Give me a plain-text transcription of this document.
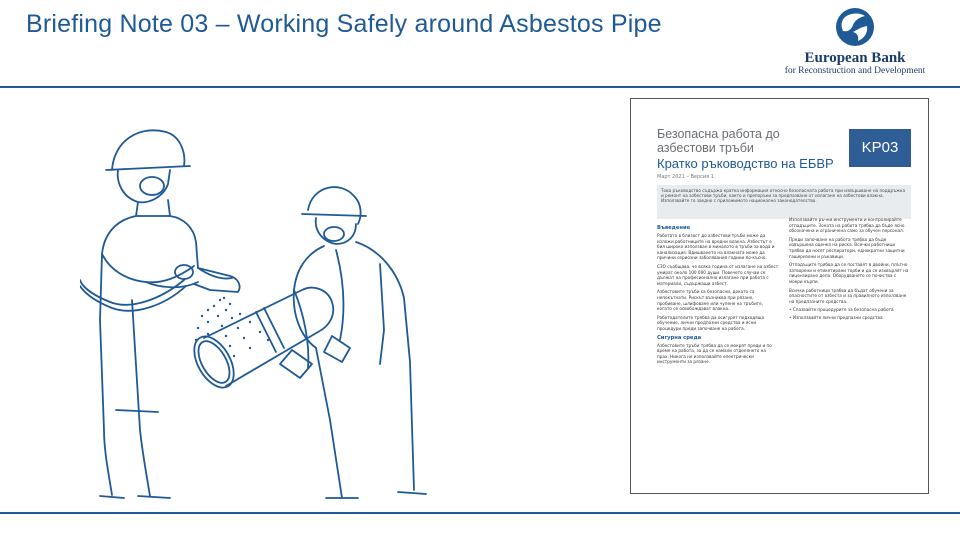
Briefing Note 03 – Working Safely around Asbestos Pipe
European Bank
for Reconstruction and Development
Безопасна работа до азбестови тръби
Кратко ръководство на ЕБВР
Март 2021 – Версия 1
KP03
Това ръководство съдържа кратка информация относно безопасната работа при извършване на поддръжка и ремонт на азбестови тръби, както и препоръки за предпазване от излагане на азбестови влакна. Използвайте го заедно с приложимото национално законодателство.
Въведение

Работата в близост до азбестови тръби може да изложи работниците на вредни влакна. Азбестът е бил широко използван в миналото в тръби за вода и канализация. Вдишването на влакната може да причини сериозни заболявания години по-късно.

СЗО съобщава, че всяка година от излагане на азбест умират около 100 000 души. Повечето случаи се дължат на професионално излагане при работа с материали, съдържащи азбест.

Азбестовите тръби са безопасни, докато са непокътнати. Рискът възниква при рязане, пробиване, шлифоване или чупене на тръбите, когато се освобождават влакна.

Работодателите трябва да осигурят подходящо обучение, лични предпазни средства и ясни процедури преди започване на работа.

Сигурна среда

Азбестовите тръби трябва да се мокрят преди и по време на работа, за да се намали отделянето на прах. Никога не използвайте електрически инструменти за рязане.

Използвайте ръчни инструменти и контролирайте отпадъците. Зоната на работа трябва да бъде ясно обозначена и ограничена само за обучен персонал.

Преди започване на работа трябва да бъде извършена оценка на риска. Всички работници трябва да носят респиратори, еднократни защитни гащеризони и ръкавици.

Отпадъците трябва да се поставят в двойни, плътно затворени и етикетирани торби и да се изхвърлят на лицензирано депо. Оборудването се почиства с мокри кърпи.

Всички работници трябва да бъдат обучени за опасностите от азбеста и за правилното използване на предпазните средства.

• Спазвайте процедурите за безопасна работа
• Използвайте лични предпазни средства
